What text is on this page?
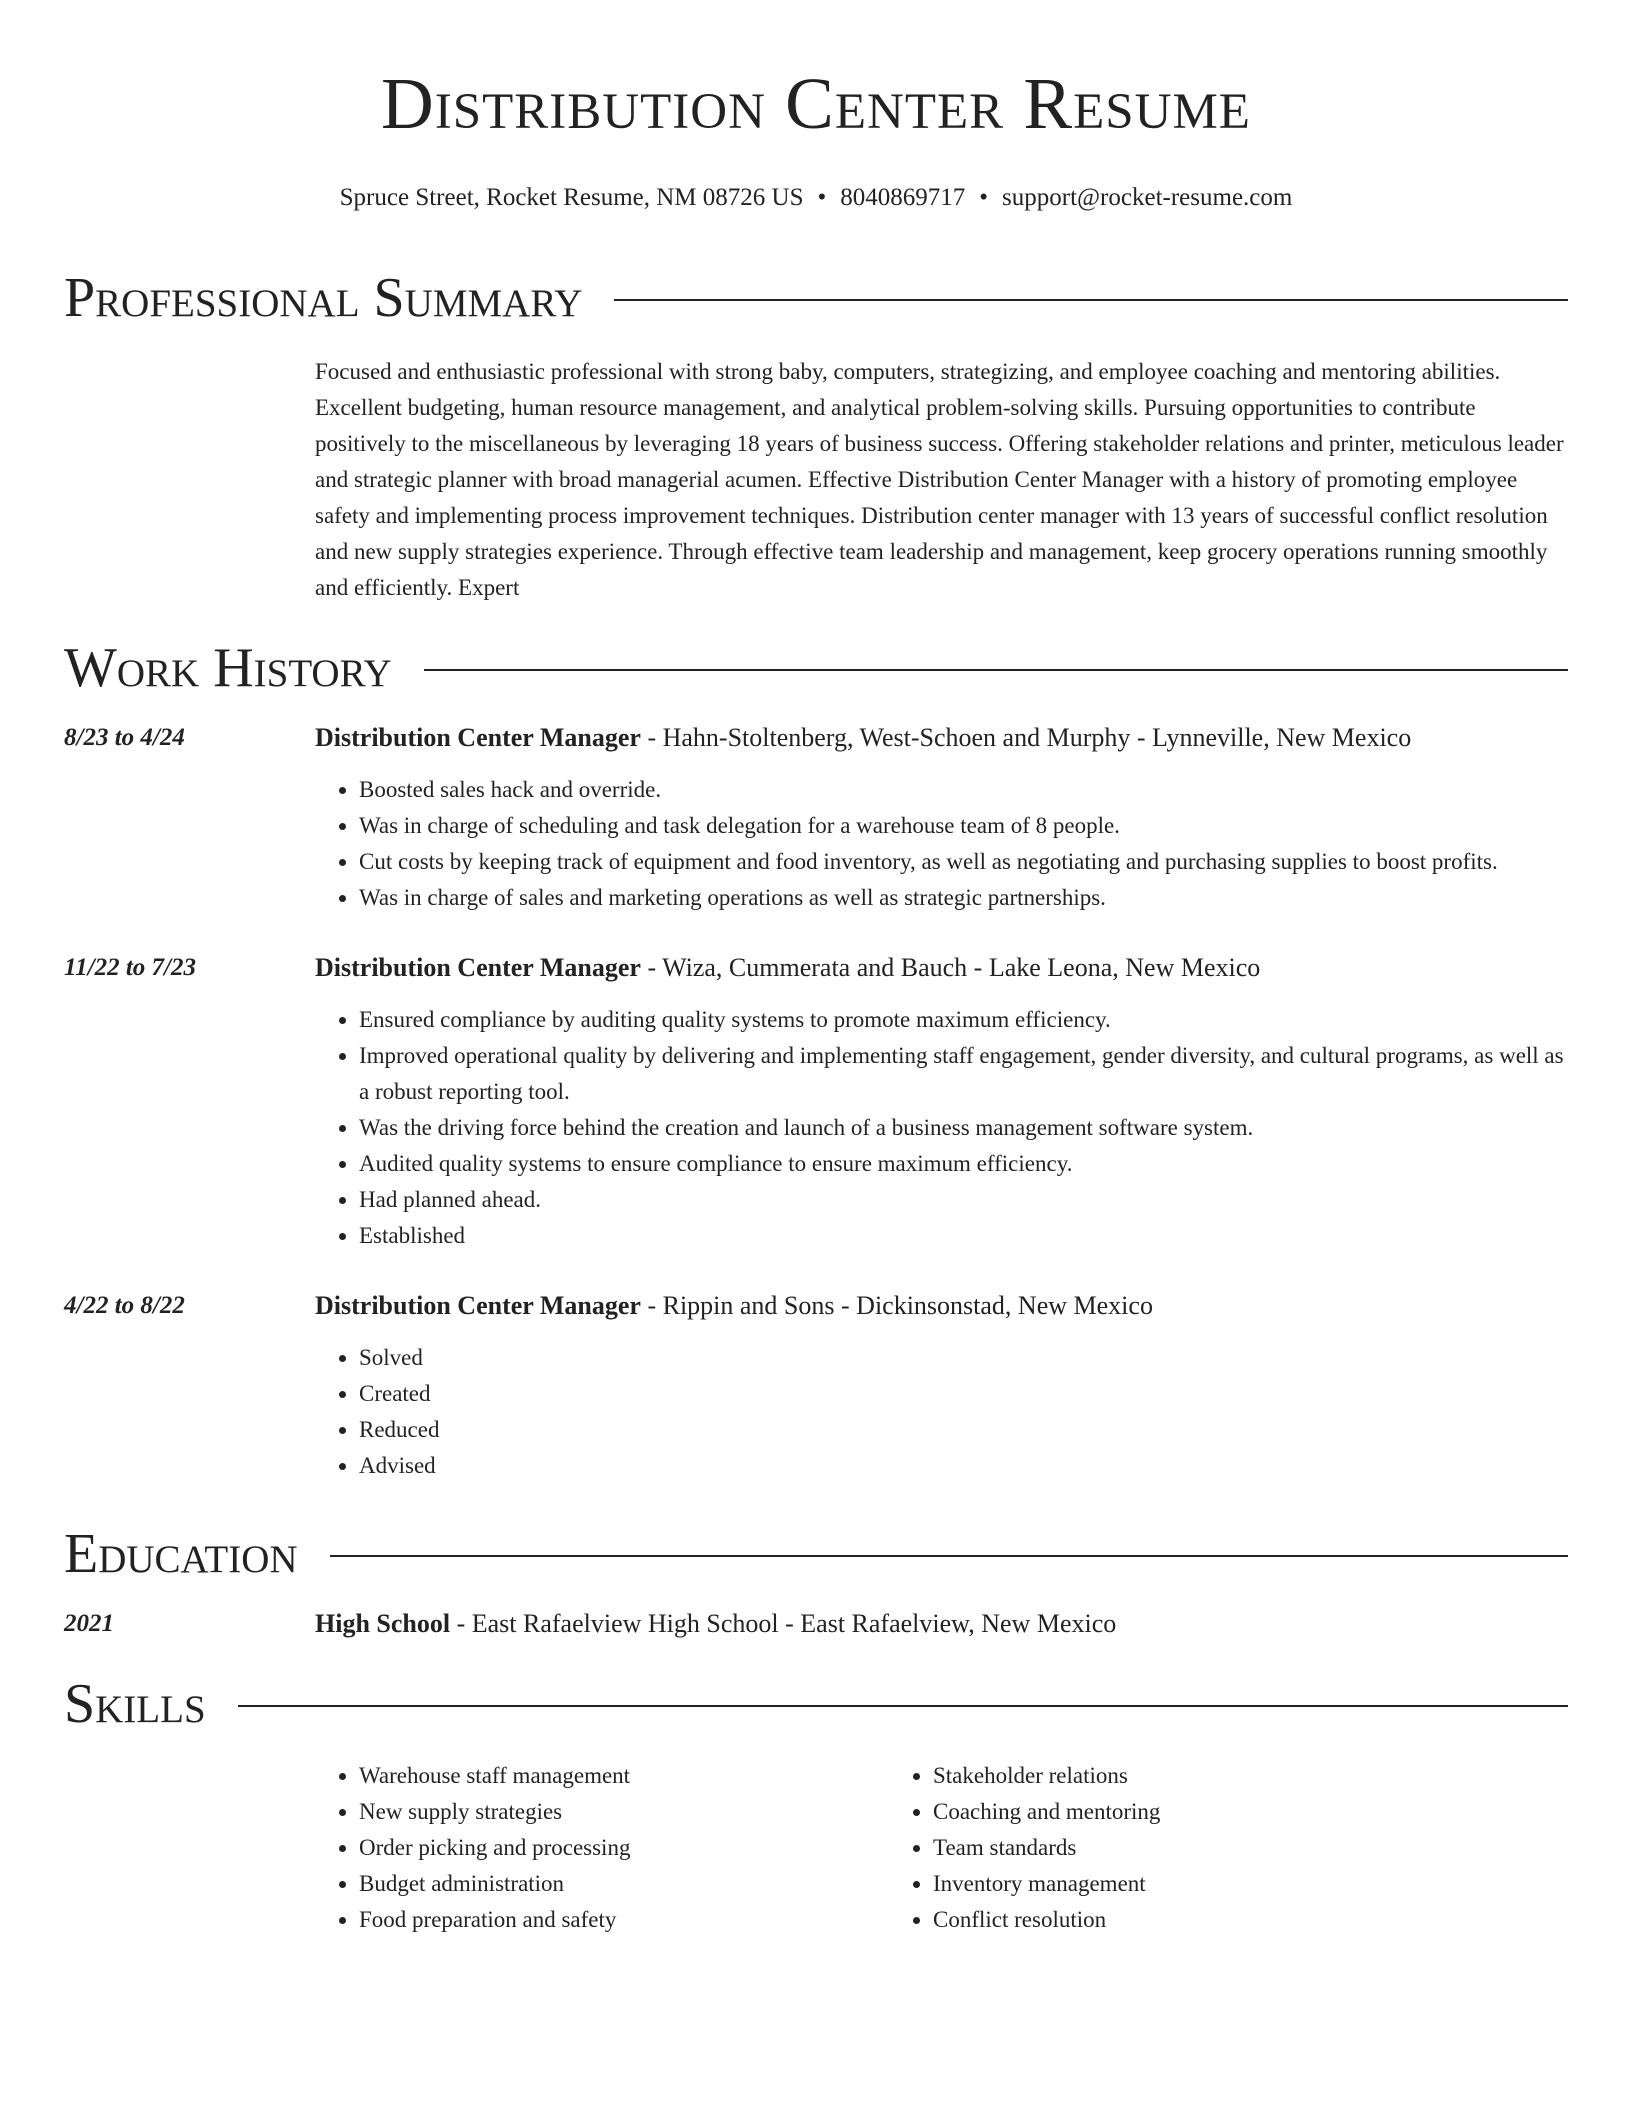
Distribution Center Resume
Spruce Street, Rocket Resume, NM 08726 US • 8040869717 • support@rocket-resume.com
Professional Summary
Focused and enthusiastic professional with strong baby, computers, strategizing, and employee coaching and mentoring abilities. Excellent budgeting, human resource management, and analytical problem-solving skills. Pursuing opportunities to contribute positively to the miscellaneous by leveraging 18 years of business success. Offering stakeholder relations and printer, meticulous leader and strategic planner with broad managerial acumen. Effective Distribution Center Manager with a history of promoting employee safety and implementing process improvement techniques. Distribution center manager with 13 years of successful conflict resolution and new supply strategies experience. Through effective team leadership and management, keep grocery operations running smoothly and efficiently. Expert
Work History
8/23 to 4/24	Distribution Center Manager - Hahn-Stoltenberg, West-Schoen and Murphy - Lynneville, New Mexico
• Boosted sales hack and override.
• Was in charge of scheduling and task delegation for a warehouse team of 8 people.
• Cut costs by keeping track of equipment and food inventory, as well as negotiating and purchasing supplies to boost profits.
• Was in charge of sales and marketing operations as well as strategic partnerships.
11/22 to 7/23	Distribution Center Manager - Wiza, Cummerata and Bauch - Lake Leona, New Mexico
• Ensured compliance by auditing quality systems to promote maximum efficiency.
• Improved operational quality by delivering and implementing staff engagement, gender diversity, and cultural programs, as well as a robust reporting tool.
• Was the driving force behind the creation and launch of a business management software system.
• Audited quality systems to ensure compliance to ensure maximum efficiency.
• Had planned ahead.
• Established
4/22 to 8/22	Distribution Center Manager - Rippin and Sons - Dickinsonstad, New Mexico
• Solved
• Created
• Reduced
• Advised
Education
2021	High School - East Rafaelview High School - East Rafaelview, New Mexico
Skills
• Warehouse staff management
• New supply strategies
• Order picking and processing
• Budget administration
• Food preparation and safety
• Stakeholder relations
• Coaching and mentoring
• Team standards
• Inventory management
• Conflict resolution
